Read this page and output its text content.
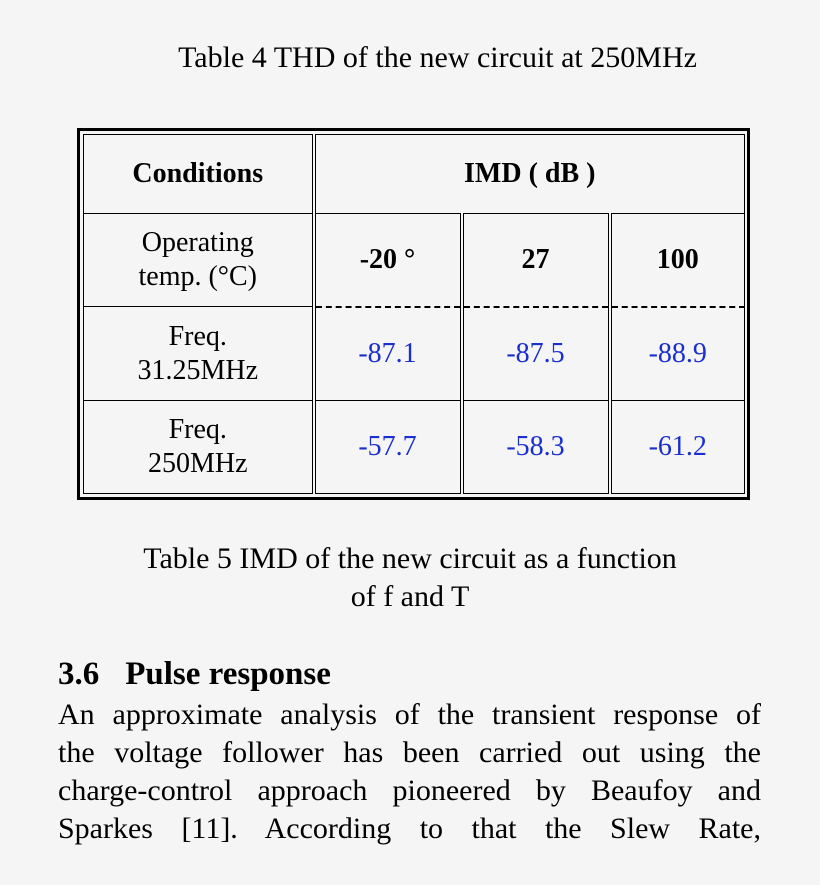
Table 4 THD of the new circuit at 250MHz
Conditions	IMD ( dB )		
Operating
temp. (°C)	-20 °	27	100
Freq.
31.25MHz	-87.1	-87.5	-88.9
Freq.
250MHz	-57.7	-58.3	-61.2
Table 5 IMD of the new circuit as a function
of f and T
3.6 Pulse response
An approximate analysis of the transient response of
the voltage follower has been carried out using the
charge-control approach pioneered by Beaufoy and
Sparkes [11]. According to that the Slew Rate,
